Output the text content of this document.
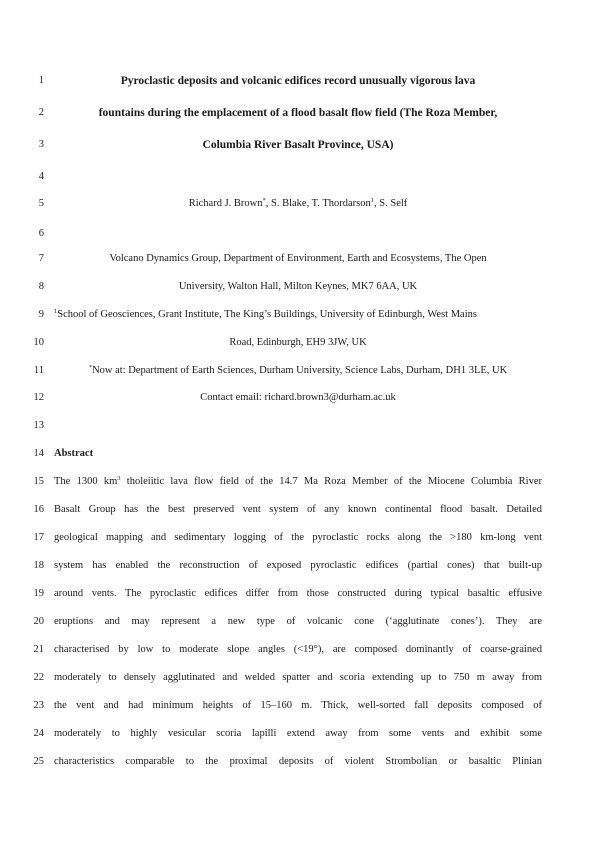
1	Pyroclastic deposits and volcanic edifices record unusually vigorous lava
2	fountains during the emplacement of a flood basalt flow field (The Roza Member,
3	Columbia River Basalt Province, USA)
4
5	Richard J. Brown*, S. Blake, T. Thordarson$^1$, S. Self
6
7	Volcano Dynamics Group, Department of Environment, Earth and Ecosystems, The Open
8	University, Walton Hall, Milton Keynes, MK7 6AA, UK
9 $^1$School of Geosciences, Grant Institute, The King’s Buildings, University of Edinburgh, West Mains
10	Road, Edinburgh, EH9 3JW, UK
11	*Now at: Department of Earth Sciences, Durham University, Science Labs, Durham, DH1 3LE, UK
12	Contact email: richard.brown3@durham.ac.uk
13
14 Abstract
15 The 1300 $km^3$ tholeiitic lava flow field of the 14.7 Ma Roza Member of the Miocene Columbia River
16 Basalt Group has the best preserved vent system of any known continental flood basalt. Detailed
17 geological mapping and sedimentary logging of the pyroclastic rocks along the >180 km-long vent
18 system has enabled the reconstruction of exposed pyroclastic edifices (partial cones) that built-up
19 around vents. The pyroclastic edifices differ from those constructed during typical basaltic effusive
20 eruptions and may represent a new type of volcanic cone (‘agglutinate cones’). They are
21 characterised by low to moderate slope angles (<19°), are composed dominantly of coarse-grained
22 moderately to densely agglutinated and welded spatter and scoria extending up to 750 m away from
23 the vent and had minimum heights of 15–160 m. Thick, well-sorted fall deposits composed of
24 moderately to highly vesicular scoria lapilli extend away from some vents and exhibit some
25 characteristics comparable to the proximal deposits of violent Strombolian or basaltic Plinian
